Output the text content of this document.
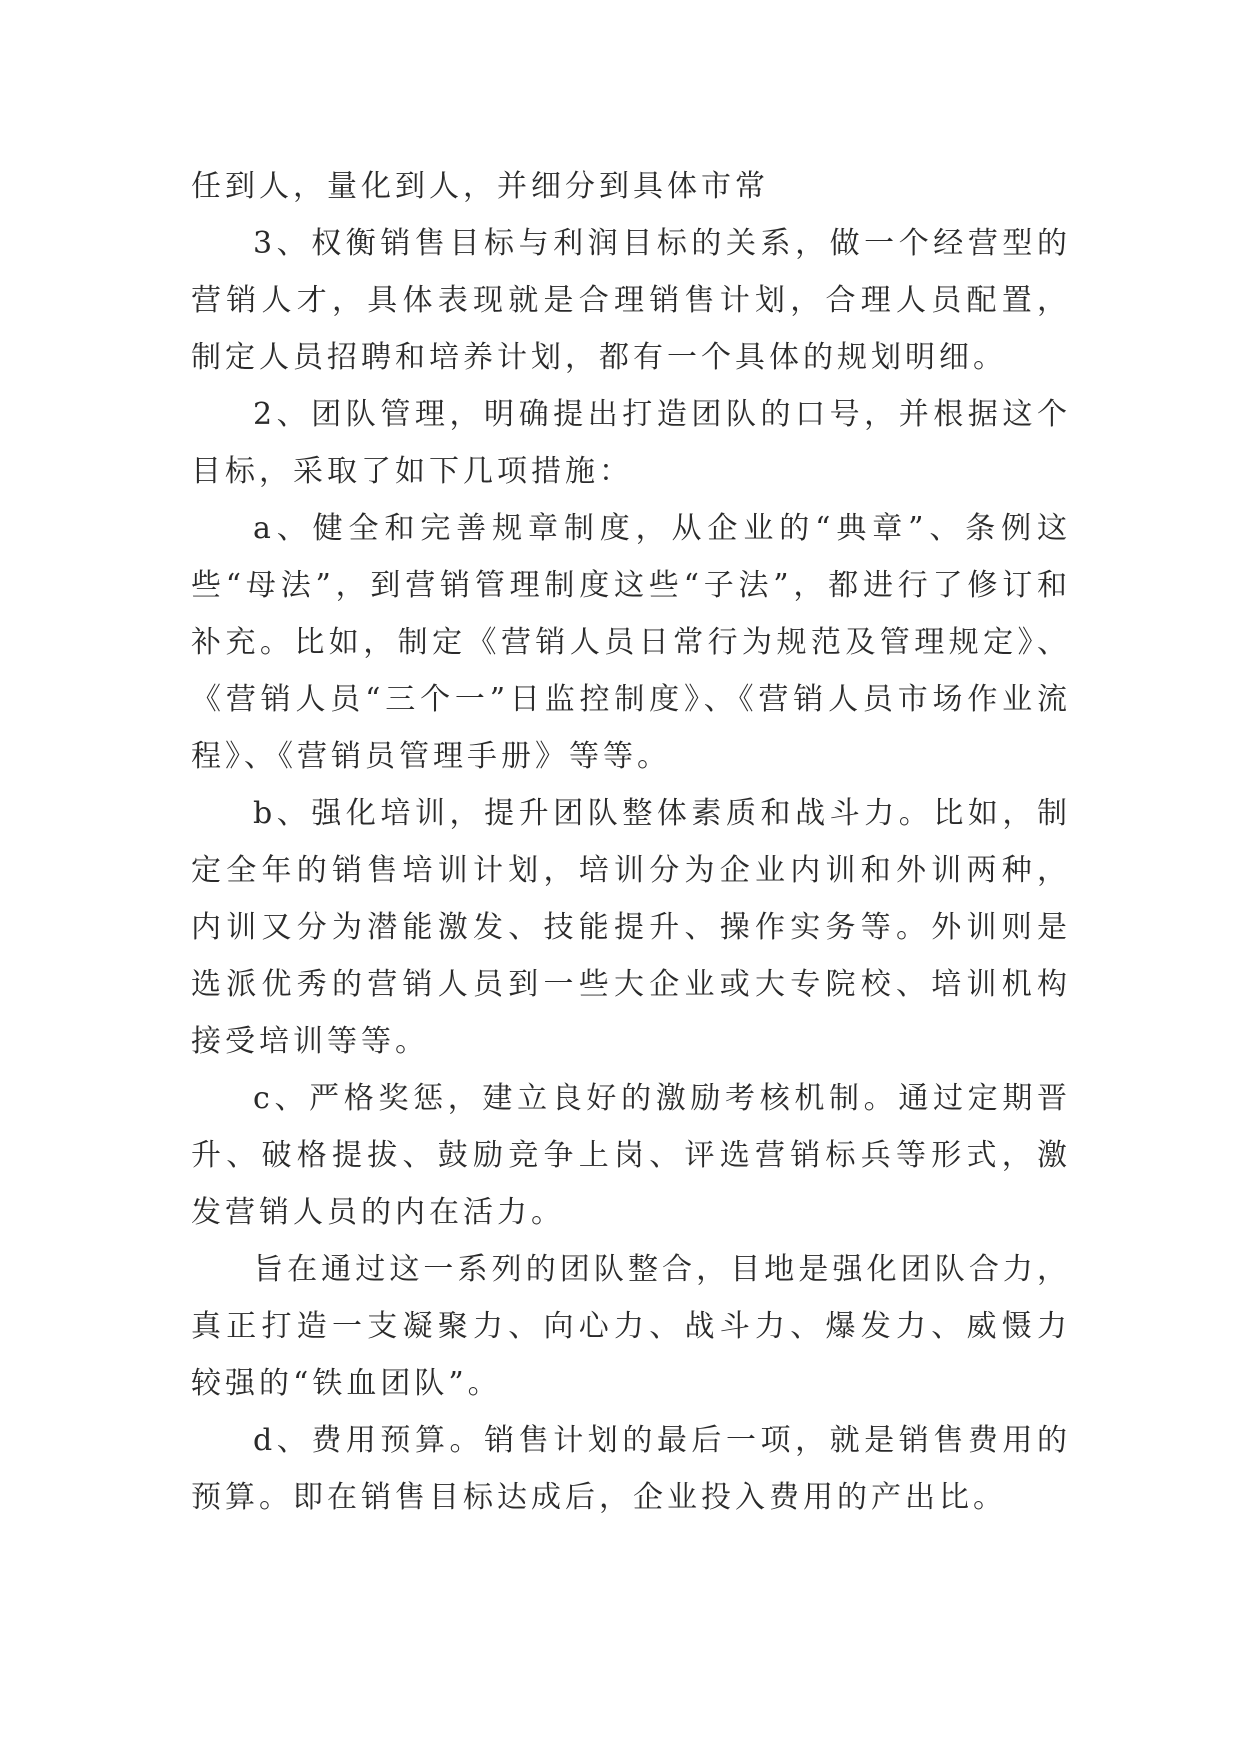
任到人，量化到人，并细分到具体市常

3、权衡销售目标与利润目标的关系，做一个经营型的营销人才，具体表现就是合理销售计划，合理人员配置，制定人员招聘和培养计划，都有一个具体的规划明细。

2、团队管理，明确提出打造团队的口号，并根据这个目标，采取了如下几项措施：

a、健全和完善规章制度，从企业的“典章”、条例这些“母法”，到营销管理制度这些“子法”，都进行了修订和补充。比如，制定《营销人员日常行为规范及管理规定》、《营销人员“三个一”日监控制度》、《营销人员市场作业流程》、《营销员管理手册》等等。

b、强化培训，提升团队整体素质和战斗力。比如，制定全年的销售培训计划，培训分为企业内训和外训两种，内训又分为潜能激发、技能提升、操作实务等。外训则是选派优秀的营销人员到一些大企业或大专院校、培训机构接受培训等等。

c、严格奖惩，建立良好的激励考核机制。通过定期晋升、破格提拔、鼓励竞争上岗、评选营销标兵等形式，激发营销人员的内在活力。

旨在通过这一系列的团队整合，目地是强化团队合力，真正打造一支凝聚力、向心力、战斗力、爆发力、威慑力较强的“铁血团队”。

d、费用预算。销售计划的最后一项，就是销售费用的预算。即在销售目标达成后，企业投入费用的产出比。
